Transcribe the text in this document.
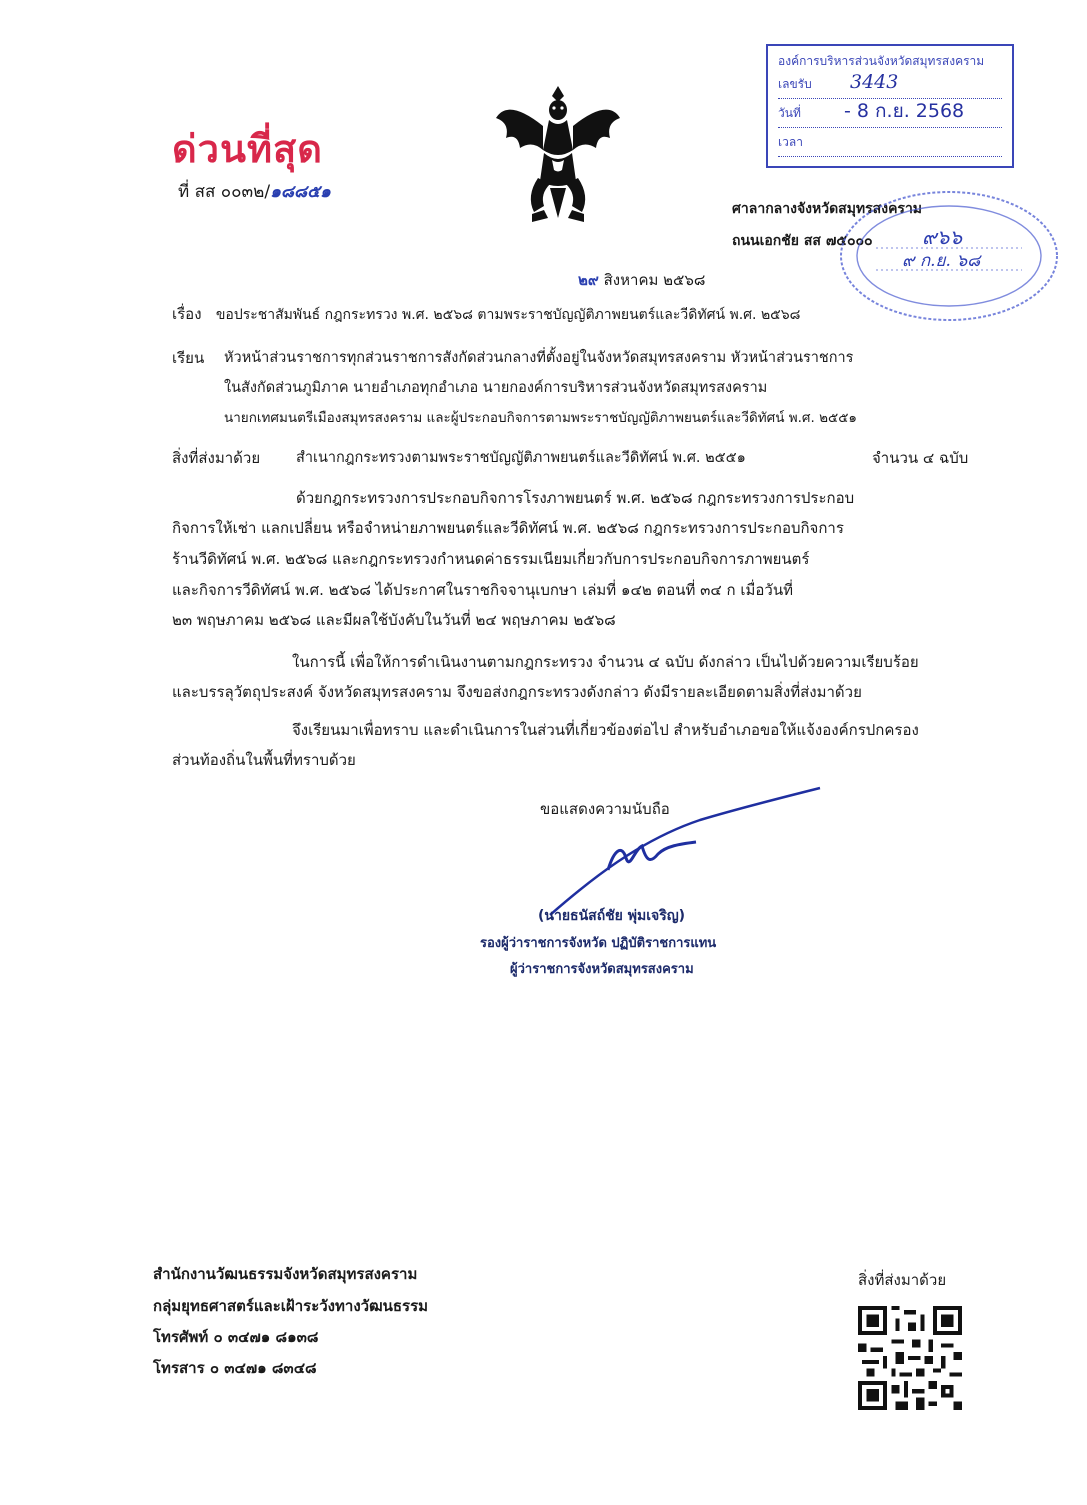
ด่วนที่สุด
ที่ สส ๐๐๓๒/๑๘๘๕๑
องค์การบริหารส่วนจังหวัดสมุทรสงคราม
เลขรับ 3443
วันที่ - 8 ก.ย. 2568
เวลา
ศาลากลางจังหวัดสมุทรสงคราม
ถนนเอกชัย สส ๗๕๐๐๐ ๙๖๖
๙ ก.ย. ๖๘
๒๙ สิงหาคม ๒๕๖๘
เรื่อง ขอประชาสัมพันธ์ กฎกระทรวง พ.ศ. ๒๕๖๘ ตามพระราชบัญญัติภาพยนตร์และวีดิทัศน์ พ.ศ. ๒๕๖๘
เรียน หัวหน้าส่วนราชการทุกส่วนราชการสังกัดส่วนกลางที่ตั้งอยู่ในจังหวัดสมุทรสงคราม หัวหน้าส่วนราชการ
ในสังกัดส่วนภูมิภาค นายอำเภอทุกอำเภอ นายกองค์การบริหารส่วนจังหวัดสมุทรสงคราม
นายกเทศมนตรีเมืองสมุทรสงคราม และผู้ประกอบกิจการตามพระราชบัญญัติภาพยนตร์และวีดิทัศน์ พ.ศ. ๒๕๕๑
สิ่งที่ส่งมาด้วย สำเนากฎกระทรวงตามพระราชบัญญัติภาพยนตร์และวีดิทัศน์ พ.ศ. ๒๕๕๑	จำนวน ๔ ฉบับ
ด้วยกฎกระทรวงการประกอบกิจการโรงภาพยนตร์ พ.ศ. ๒๕๖๘ กฎกระทรวงการประกอบ
กิจการให้เช่า แลกเปลี่ยน หรือจำหน่ายภาพยนตร์และวีดิทัศน์ พ.ศ. ๒๕๖๘ กฎกระทรวงการประกอบกิจการ
ร้านวีดิทัศน์ พ.ศ. ๒๕๖๘ และกฎกระทรวงกำหนดค่าธรรมเนียมเกี่ยวกับการประกอบกิจการภาพยนตร์
และกิจการวีดิทัศน์ พ.ศ. ๒๕๖๘ ได้ประกาศในราชกิจจานุเบกษา เล่มที่ ๑๔๒ ตอนที่ ๓๔ ก เมื่อวันที่
๒๓ พฤษภาคม ๒๕๖๘ และมีผลใช้บังคับในวันที่ ๒๔ พฤษภาคม ๒๕๖๘
ในการนี้ เพื่อให้การดำเนินงานตามกฎกระทรวง จำนวน ๔ ฉบับ ดังกล่าว เป็นไปด้วยความเรียบร้อย
และบรรลุวัตถุประสงค์ จังหวัดสมุทรสงคราม จึงขอส่งกฎกระทรวงดังกล่าว ดังมีรายละเอียดตามสิ่งที่ส่งมาด้วย
จึงเรียนมาเพื่อทราบ และดำเนินการในส่วนที่เกี่ยวข้องต่อไป สำหรับอำเภอขอให้แจ้งองค์กรปกครอง
ส่วนท้องถิ่นในพื้นที่ทราบด้วย
ขอแสดงความนับถือ
(นายธนัสถ์ชัย พุ่มเจริญ)
รองผู้ว่าราชการจังหวัด ปฏิบัติราชการแทน
ผู้ว่าราชการจังหวัดสมุทรสงคราม
สำนักงานวัฒนธรรมจังหวัดสมุทรสงคราม
กลุ่มยุทธศาสตร์และเฝ้าระวังทางวัฒนธรรม
โทรศัพท์ ๐ ๓๔๗๑ ๘๑๓๘
โทรสาร ๐ ๓๔๗๑ ๘๓๔๘
สิ่งที่ส่งมาด้วย
